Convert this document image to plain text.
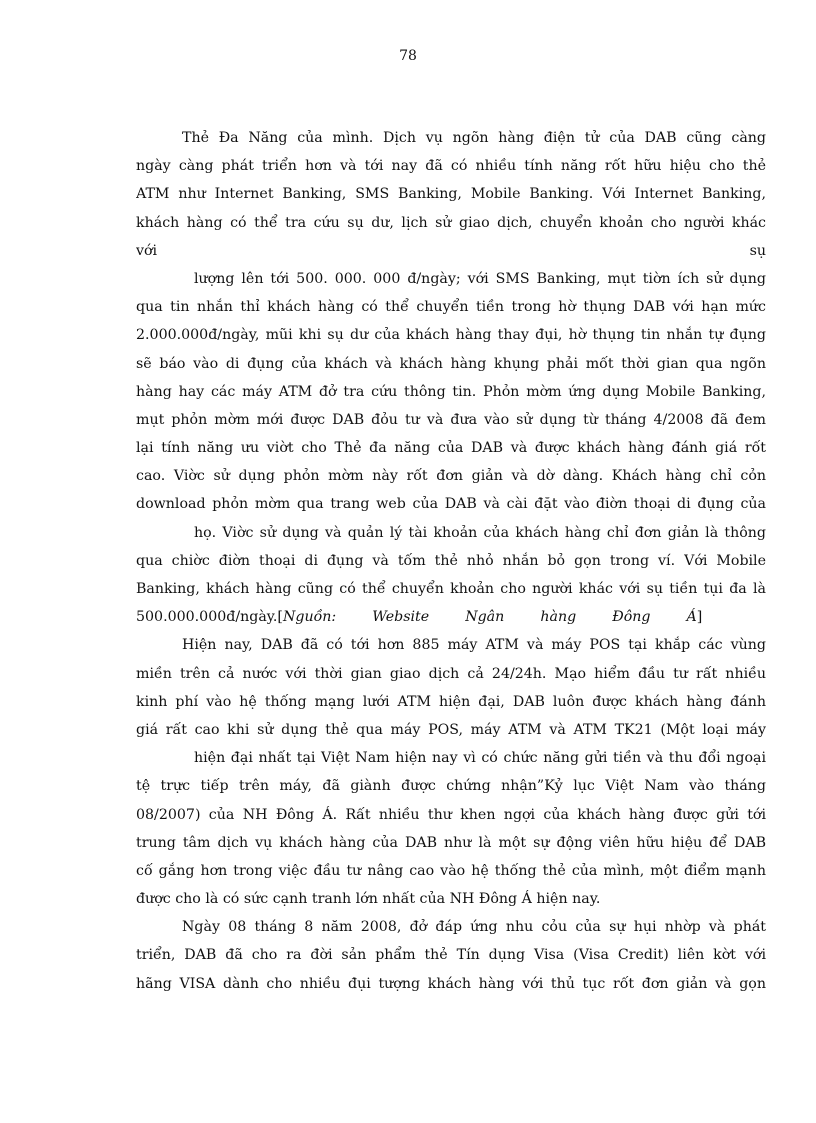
78
Thẻ Đa Năng của mình. Dịch vụ ngõn hàng điện tử của DAB cũng càng
ngày càng phát triển hơn và tới nay đã có nhiều tính năng rốt hữu hiệu cho thẻ
ATM như Internet Banking, SMS Banking, Mobile Banking. Với Internet Banking,
khách hàng có thể tra cứu sụ dư, lịch sử giao dịch, chuyển khoản cho người khác
với sụ
lượng lên tới 500. 000. 000 đ/ngày; với SMS Banking, mụt tiờn ích sử dụng
qua tin nhắn thỉ khách hàng có thể chuyển tiền trong hờ thụng DAB với hạn mức
2.000.000đ/ngày, mũi khi sụ dư của khách hàng thay đụi, hờ thụng tin nhắn tự đụng
sẽ báo vào di đụng của khách và khách hàng khụng phải mốt thời gian qua ngõn
hàng hay các máy ATM đở tra cứu thông tin. Phỏn mờm ứng dụng Mobile Banking,
mụt phỏn mờm mới được DAB đỏu tư và đưa vào sử dụng từ tháng 4/2008 đã đem
lại tính năng ưu viờt cho Thẻ đa năng của DAB và được khách hàng đánh giá rốt
cao. Viờc sử dụng phỏn mờm này rốt đơn giản và dờ dàng. Khách hàng chỉ cỏn
download phỏn mờm qua trang web của DAB và cài đặt vào điờn thoại di đụng của
họ. Viờc sử dụng và quản lý tài khoản của khách hàng chỉ đơn giản là thông
qua chiờc điờn thoại di đụng và tốm thẻ nhỏ nhắn bỏ gọn trong ví. Với Mobile
Banking, khách hàng cũng có thể chuyển khoản cho người khác với sụ tiền tụi đa là
500.000.000đ/ngày.[Nguồn:        Website        Ngân        hàng        Đông        Á]
Hiện nay, DAB đã có tới hơn 885 máy ATM và máy POS tại khắp các vùng
miền trên cả nước với thời gian giao dịch cả 24/24h. Mạo hiểm đầu tư rất nhiều
kinh phí vào hệ thống mạng lưới ATM hiện đại, DAB luôn được khách hàng đánh
giá rất cao khi sử dụng thẻ qua máy POS, máy ATM và ATM TK21 (Một loại máy
hiện đại nhất tại Việt Nam hiện nay vì có chức năng gửi tiền và thu đổi ngoại
tệ trực tiếp trên máy, đã giành được chứng nhận”Kỷ lục Việt Nam vào tháng
08/2007) của NH Đông Á. Rất nhiều thư khen ngợi của khách hàng được gửi tới
trung tâm dịch vụ khách hàng của DAB như là một sự động viên hữu hiệu để DAB
cố gắng hơn trong việc đầu tư nâng cao vào hệ thống thẻ của mình, một điểm mạnh
được cho là có sức cạnh tranh lớn nhất của NH Đông Á hiện nay.
Ngày 08 tháng 8 năm 2008, đở đáp ứng nhu cỏu của sự hụi nhờp và phát
triển, DAB đã cho ra đời sản phẩm thẻ Tín dụng Visa (Visa Credit) liên kờt với
hãng VISA dành cho nhiều đụi tượng khách hàng với thủ tục rốt đơn giản và gọn
